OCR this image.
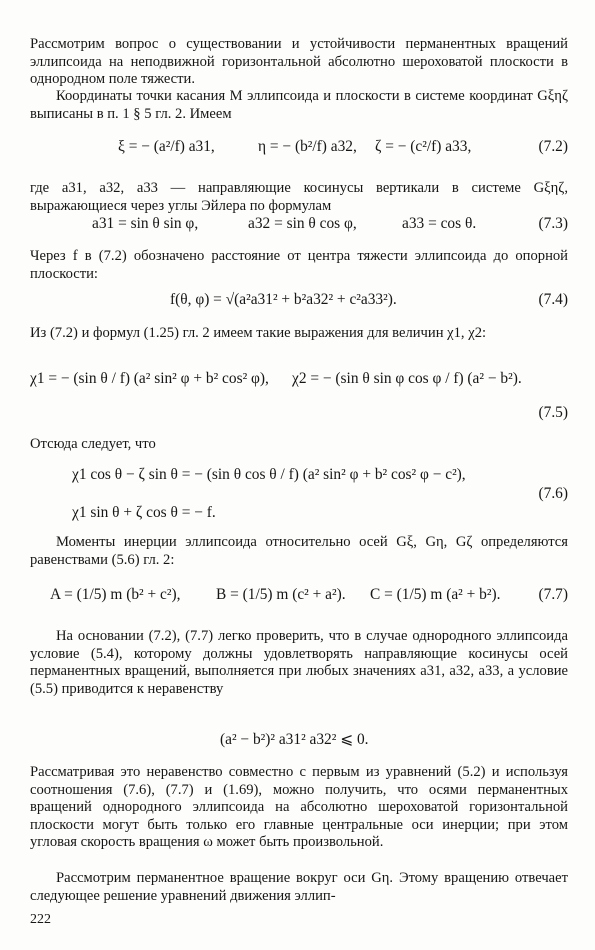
Рассмотрим вопрос о существовании и устойчивости перманентных вращений эллипсоида на неподвижной горизонтальной абсолютно шероховатой плоскости в однородном поле тяжести.

Координаты точки касания M эллипсоида и плоскости в системе координат Gξηζ выписаны в п. 1 § 5 гл. 2. Имеем

ξ = − (a²/f) a31,	η = − (b²/f) a32, ζ = − (c²/f) a33,	(7.2)

где a31, a32, a33 — направляющие косинусы вертикали в системе Gξηζ, выражающиеся через углы Эйлера по формулам

a31 = sin θ sin φ,	a32 = sin θ cos φ,	a33 = cos θ.	(7.3)

Через f в (7.2) обозначено расстояние от центра тяжести эллипсоида до опорной плоскости:

f(θ, φ) = √(a²a31² + b²a32² + c²a33²).	(7.4)

Из (7.2) и формул (1.25) гл. 2 имеем такие выражения для величин χ1, χ2:

χ1 = − (sin θ / f) (a² sin² φ + b² cos² φ), χ2 = − (sin θ sin φ cos φ / f) (a² − b²).
(7.5)

Отсюда следует, что

χ1 cos θ − ζ sin θ = − (sin θ cos θ / f) (a² sin² φ + b² cos² φ − c²),
(7.6)
χ1 sin θ + ζ cos θ = − f.

Моменты инерции эллипсоида относительно осей Gξ, Gη, Gζ определяются равенствами (5.6) гл. 2:

A = (1/5) m (b² + c²), B = (1/5) m (c² + a²). C = (1/5) m (a² + b²). (7.7)

На основании (7.2), (7.7) легко проверить, что в случае однородного эллипсоида условие (5.4), которому должны удовлетворять направляющие косинусы осей перманентных вращений, выполняется при любых значениях a31, a32, a33, а условие (5.5) приводится к неравенству

(a² − b²)² a31² a32² ⩽ 0.

Рассматривая это неравенство совместно с первым из уравнений (5.2) и используя соотношения (7.6), (7.7) и (1.69), можно получить, что осями перманентных вращений однородного эллипсоида на абсолютно шероховатой горизонтальной плоскости могут быть только его главные центральные оси инерции; при этом угловая скорость вращения ω может быть произвольной.

Рассмотрим перманентное вращение вокруг оси Gη. Этому вращению отвечает следующее решение уравнений движения эллип-

222
